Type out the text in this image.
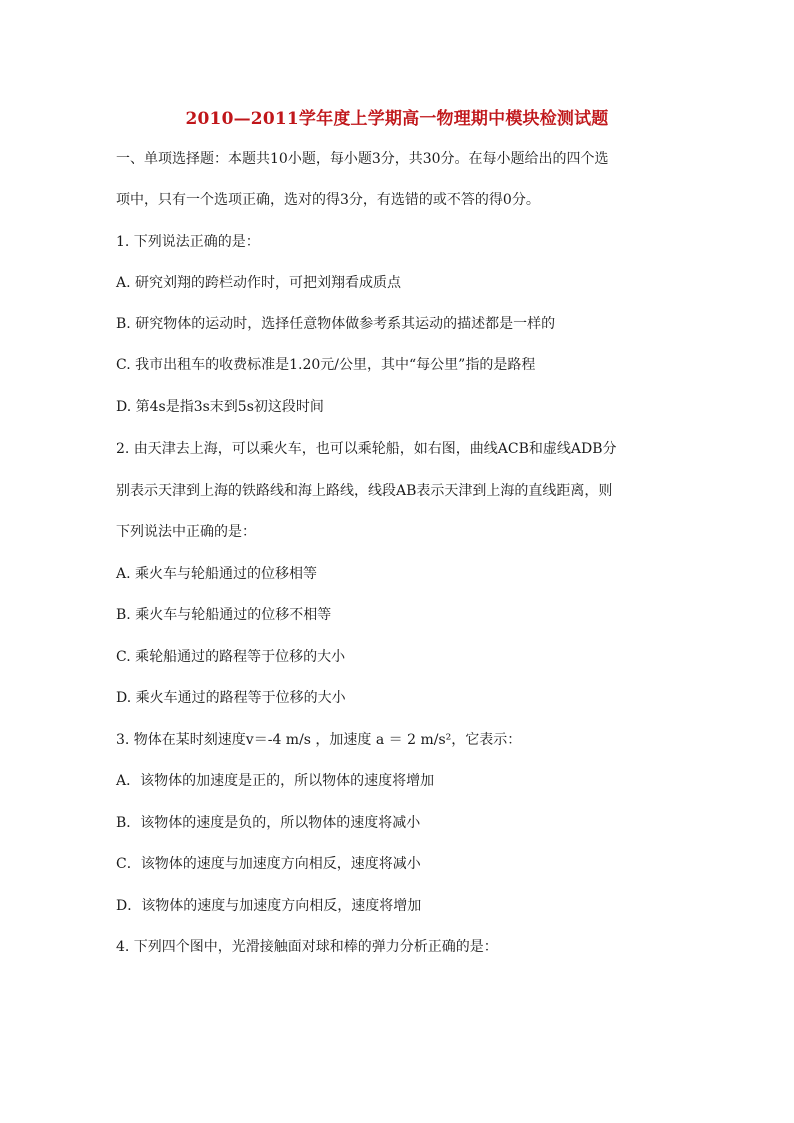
2010—2011学年度上学期高一物理期中模块检测试题
一、单项选择题：本题共10小题，每小题3分，共30分。在每小题给出的四个选
项中，只有一个选项正确，选对的得3分，有选错的或不答的得0分。
1. 下列说法正确的是：
A. 研究刘翔的跨栏动作时，可把刘翔看成质点
B. 研究物体的运动时，选择任意物体做参考系其运动的描述都是一样的
C. 我市出租车的收费标准是1.20元/公里，其中“每公里”指的是路程
D. 第4s是指3s末到5s初这段时间
2. 由天津去上海，可以乘火车，也可以乘轮船，如右图，曲线ACB和虚线ADB分
别表示天津到上海的铁路线和海上路线，线段AB表示天津到上海的直线距离，则
下列说法中正确的是：
A. 乘火车与轮船通过的位移相等
B. 乘火车与轮船通过的位移不相等
C. 乘轮船通过的路程等于位移的大小
D. 乘火车通过的路程等于位移的大小
3. 物体在某时刻速度v＝-4 m/s ，加速度 a ＝ 2 m/s²，它表示：
A．该物体的加速度是正的，所以物体的速度将增加
B．该物体的速度是负的，所以物体的速度将减小
C．该物体的速度与加速度方向相反，速度将减小
D．该物体的速度与加速度方向相反，速度将增加
4. 下列四个图中，光滑接触面对球和棒的弹力分析正确的是：
